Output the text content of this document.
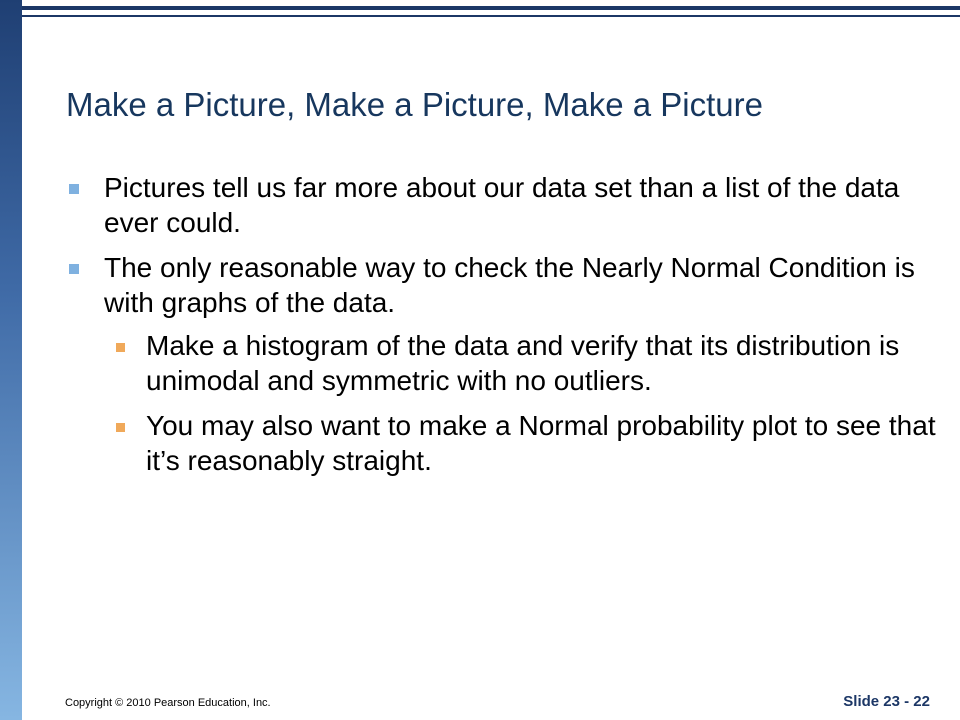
Make a Picture, Make a Picture, Make a Picture
Pictures tell us far more about our data set than a list of the data ever could.
The only reasonable way to check the Nearly Normal Condition is with graphs of the data.
Make a histogram of the data and verify that its distribution is unimodal and symmetric with no outliers.
You may also want to make a Normal probability plot to see that it’s reasonably straight.
Copyright © 2010 Pearson Education, Inc.	Slide 23 - 22
